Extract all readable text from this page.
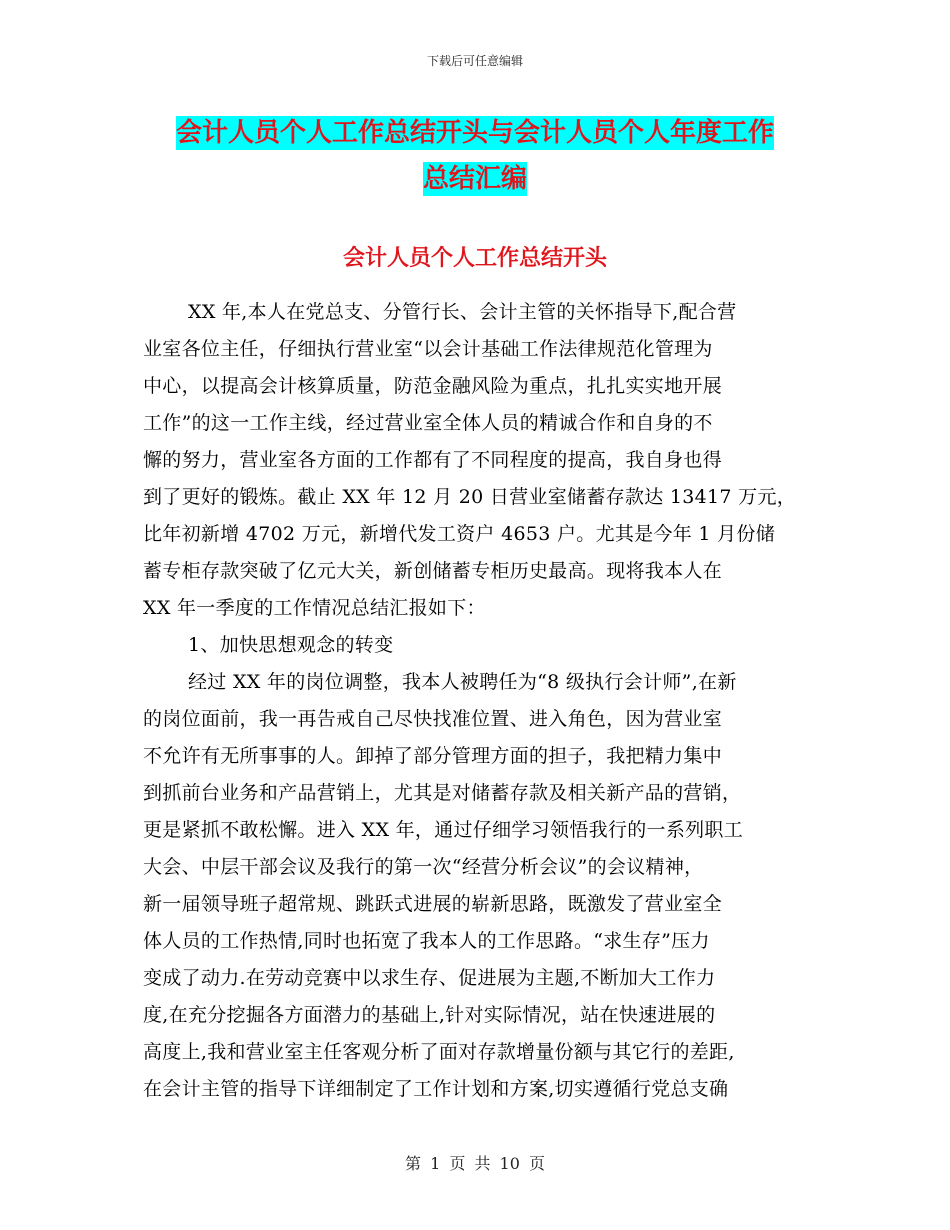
下载后可任意编辑
会计人员个人工作总结开头与会计人员个人年度工作
总结汇编
会计人员个人工作总结开头
XX 年,本人在党总支、分管行长、会计主管的关怀指导下,配合营
业室各位主任，仔细执行营业室“以会计基础工作法律规范化管理为
中心，以提高会计核算质量，防范金融风险为重点，扎扎实实地开展
工作”的这一工作主线，经过营业室全体人员的精诚合作和自身的不
懈的努力，营业室各方面的工作都有了不同程度的提高，我自身也得
到了更好的锻炼。截止 XX 年 12 月 20 日营业室储蓄存款达 13417 万元，
比年初新增 4702 万元，新增代发工资户 4653 户。尤其是今年 1 月份储
蓄专柜存款突破了亿元大关，新创储蓄专柜历史最高。现将我本人在
XX 年一季度的工作情况总结汇报如下：
1、加快思想观念的转变
经过 XX 年的岗位调整，我本人被聘任为“8 级执行会计师”,在新
的岗位面前，我一再告戒自己尽快找准位置、进入角色，因为营业室
不允许有无所事事的人。卸掉了部分管理方面的担子，我把精力集中
到抓前台业务和产品营销上，尤其是对储蓄存款及相关新产品的营销，
更是紧抓不敢松懈。进入 XX 年，通过仔细学习领悟我行的一系列职工
大会、中层干部会议及我行的第一次“经营分析会议”的会议精神，
新一届领导班子超常规、跳跃式进展的崭新思路，既激发了营业室全
体人员的工作热情,同时也拓宽了我本人的工作思路。“求生存”压力
变成了动力.在劳动竞赛中以求生存、促进展为主题,不断加大工作力
度,在充分挖掘各方面潜力的基础上,针对实际情况，站在快速进展的
高度上,我和营业室主任客观分析了面对存款增量份额与其它行的差距,
在会计主管的指导下详细制定了工作计划和方案,切实遵循行党总支确
第 1 页 共 10 页
